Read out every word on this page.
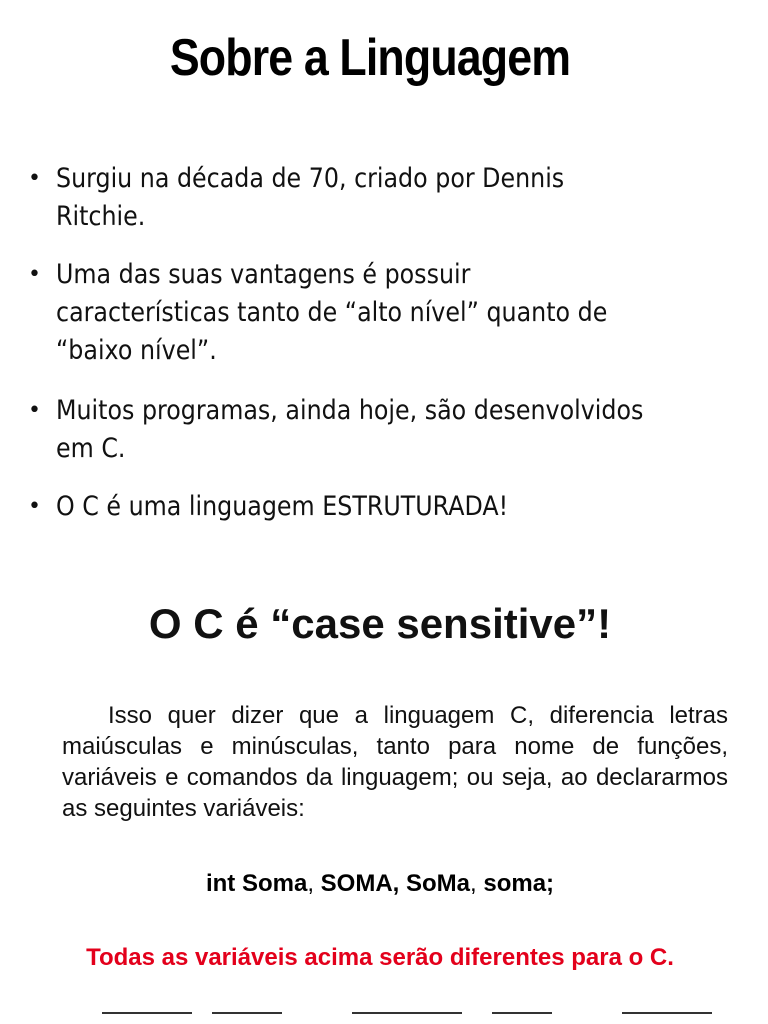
Sobre a Linguagem
• Surgiu na década de 70, criado por Dennis Ritchie.
• Uma das suas vantagens é possuir características tanto de “alto nível” quanto de “baixo nível”.
• Muitos programas, ainda hoje, são desenvolvidos em C.
• O C é uma linguagem ESTRUTURADA!
O C é “case sensitive”!

Isso quer dizer que a linguagem C, diferencia letras maiúsculas e minúsculas, tanto para nome de funções, variáveis e comandos da linguagem; ou seja, ao declararmos as seguintes variáveis:

int Soma, SOMA, SoMa, soma;
Todas as variáveis acima serão diferentes para o C.
